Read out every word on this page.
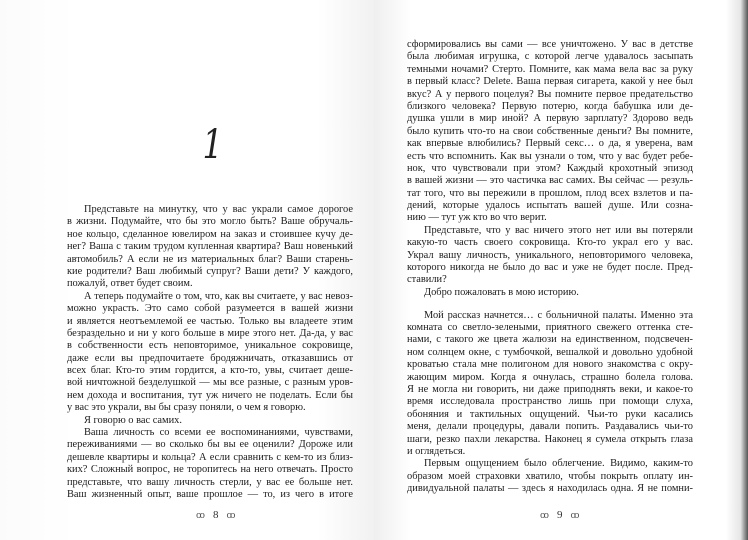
1
Представьте на минутку, что у вас украли самое дорогое
в жизни. Подумайте, что бы это могло быть? Ваше обручаль-
ное кольцо, сделанное ювелиром на заказ и стоившее кучу де-
нег? Ваша с таким трудом купленная квартира? Ваш новенький
автомобиль? А если не из материальных благ? Ваши старень-
кие родители? Ваш любимый супруг? Ваши дети? У каждого,
пожалуй, ответ будет своим.
А теперь подумайте о том, что, как вы считаете, у вас невоз-
можно украсть. Это само собой разумеется в вашей жизни
и является неотъемлемой ее частью. Только вы владеете этим
безраздельно и ни у кого больше в мире этого нет. Да-да, у вас
в собственности есть неповторимое, уникальное сокровище,
даже если вы предпочитаете бродяжничать, отказавшись от
всех благ. Кто-то этим гордится, а кто-то, увы, считает деше-
вой ничтожной безделушкой — мы все разные, с разным уров-
нем дохода и воспитания, тут уж ничего не поделать. Если бы
у вас это украли, вы бы сразу поняли, о чем я говорю.
Я говорю о вас самих.
Ваша личность со всеми ее воспоминаниями, чувствами,
переживаниями — во сколько бы вы ее оценили? Дороже или
дешевле квартиры и кольца? А если сравнить с кем-то из близ-
ких? Сложный вопрос, не торопитесь на него отвечать. Просто
представьте, что вашу личность стерли, у вас ее больше нет.
Ваш жизненный опыт, ваше прошлое — то, из чего в итоге
ꝏ 8 ꝏ
сформировались вы сами — все уничтожено. У вас в детстве
была любимая игрушка, с которой легче удавалось засыпать
темными ночами? Стерто. Помните, как мама вела вас за руку
в первый класс? Delete. Ваша первая сигарета, какой у нее был
вкус? А у первого поцелуя? Вы помните первое предательство
близкого человека? Первую потерю, когда бабушка или де-
душка ушли в мир иной? А первую зарплату? Здорово ведь
было купить что-то на свои собственные деньги? Вы помните,
как впервые влюбились? Первый секс… о да, я уверена, вам
есть что вспомнить. Как вы узнали о том, что у вас будет ребе-
нок, что чувствовали при этом? Каждый крохотный эпизод
в вашей жизни — это частичка вас самих. Вы сейчас — резуль-
тат того, что вы пережили в прошлом, плод всех взлетов и па-
дений, которые удалось испытать вашей душе. Или созна-
нию — тут уж кто во что верит.
Представьте, что у вас ничего этого нет или вы потеряли
какую-то часть своего сокровища. Кто-то украл его у вас.
Украл вашу личность, уникального, неповторимого человека,
которого никогда не было до вас и уже не будет после. Пред-
ставили?
Добро пожаловать в мою историю.
Мой рассказ начнется… с больничной палаты. Именно эта
комната со светло-зелеными, приятного свежего оттенка сте-
нами, с такого же цвета жалюзи на единственном, подсвечен-
ном солнцем окне, с тумбочкой, вешалкой и довольно удобной
кроватью стала мне полигоном для нового знакомства с окру-
жающим миром. Когда я очнулась, страшно болела голова.
Я не могла ни говорить, ни даже приподнять веки, и какое-то
время исследовала пространство лишь при помощи слуха,
обоняния и тактильных ощущений. Чьи-то руки касались
меня, делали процедуры, давали попить. Раздавались чьи-то
шаги, резко пахли лекарства. Наконец я сумела открыть глаза
и оглядеться.
Первым ощущением было облегчение. Видимо, каким-то
образом моей страховки хватило, чтобы покрыть оплату ин-
дивидуальной палаты — здесь я находилась одна. Я не помни-
ꝏ 9 ꝏ
